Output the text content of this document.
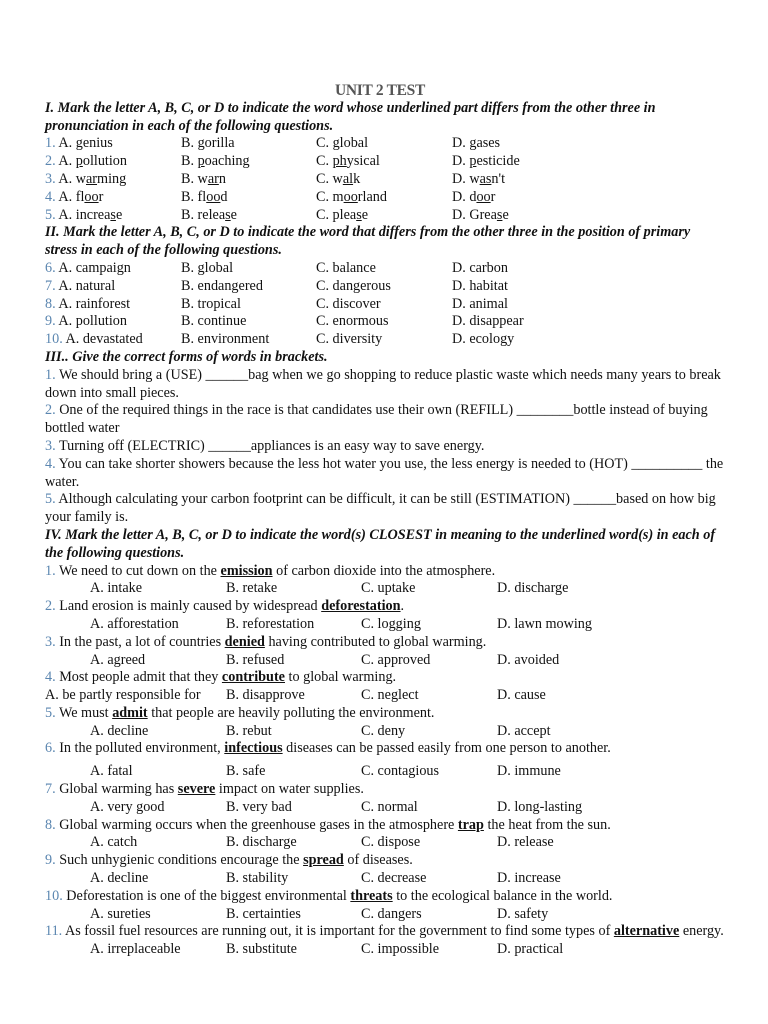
UNIT 2 TEST
I. Mark the letter A, B, C, or D to indicate the word whose underlined part differs from the other three in pronunciation in each of the following questions.
1. A. genius	B. gorilla	C. global	D. gases
2. A. pollution	B. poaching	C. physical	D. pesticide
3. A. warming	B. warn	C. walk	D. wasn't
4. A. floor	B. flood	C. moorland	D. door
5. A. increase	B. release	C. please	D. Grease
II. Mark the letter A, B, C, or D to indicate the word that differs from the other three in the position of primary stress in each of the following questions.
6. A. campaign	B. global	C. balance	D. carbon
7. A. natural	B. endangered	C. dangerous	D. habitat
8. A. rainforest	B. tropical	C. discover	D. animal
9. A. pollution	B. continue	C. enormous	D. disappear
10. A. devastated	B. environment	C. diversity	D. ecology
III.. Give the correct forms of words in brackets.
1. We should bring a (USE) ______bag when we go shopping to reduce plastic waste which needs many years to break down into small pieces.
2. One of the required things in the race is that candidates use their own (REFILL) ________bottle instead of buying bottled water
3. Turning off (ELECTRIC) ______appliances is an easy way to save energy.
4. You can take shorter showers because the less hot water you use, the less energy is needed to (HOT) __________ the water.
5. Although calculating your carbon footprint can be difficult, it can be still (ESTIMATION) ______based on how big your family is.
IV. Mark the letter A, B, C, or D to indicate the word(s) CLOSEST in meaning to the underlined word(s) in each of the following questions.
1. We need to cut down on the emission of carbon dioxide into the atmosphere.
A. intake	B. retake	C. uptake	D. discharge
2. Land erosion is mainly caused by widespread deforestation.
A. afforestation	B. reforestation	C. logging	D. lawn mowing
3. In the past, a lot of countries denied having contributed to global warming.
A. agreed	B. refused	C. approved	D. avoided
4. Most people admit that they contribute to global warming.
A. be partly responsible for	B. disapprove	C. neglect	D. cause
5. We must admit that people are heavily polluting the environment.
A. decline	B. rebut	C. deny	D. accept
6. In the polluted environment, infectious diseases can be passed easily from one person to another.
A. fatal	B. safe	C. contagious	D. immune
7. Global warming has severe impact on water supplies.
A. very good	B. very bad	C. normal	D. long-lasting
8. Global warming occurs when the greenhouse gases in the atmosphere trap the heat from the sun.
A. catch	B. discharge	C. dispose	D. release
9. Such unhygienic conditions encourage the spread of diseases.
A. decline	B. stability	C. decrease	D. increase
10. Deforestation is one of the biggest environmental threats to the ecological balance in the world.
A. sureties	B. certainties	C. dangers	D. safety
11. As fossil fuel resources are running out, it is important for the government to find some types of alternative energy.
A. irreplaceable	B. substitute	C. impossible	D. practical
